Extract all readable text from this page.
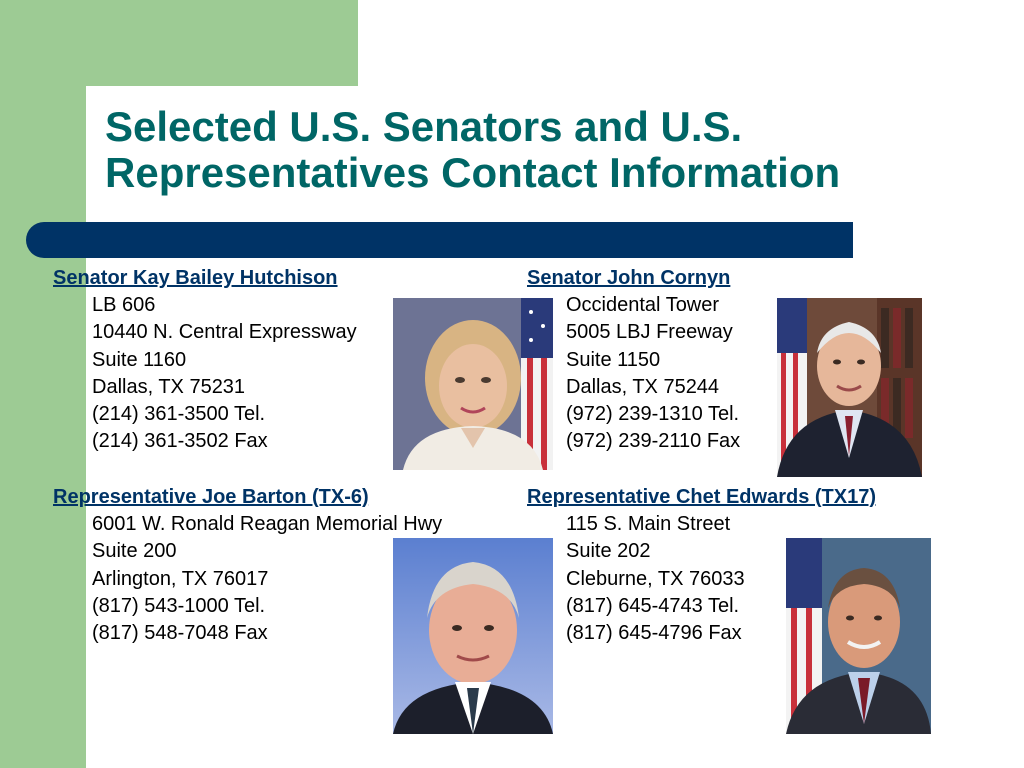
Selected U.S. Senators and U.S.
Representatives Contact Information
Senator Kay Bailey Hutchison
LB 606
10440 N. Central Expressway
Suite 1160
Dallas, TX 75231
(214) 361-3500 Tel.
(214) 361-3502 Fax
Senator John Cornyn
Occidental Tower
5005 LBJ Freeway
Suite 1150
Dallas, TX 75244
(972) 239-1310 Tel.
(972) 239-2110 Fax
Representative Joe Barton (TX-6)
6001 W. Ronald Reagan Memorial Hwy
Suite 200
Arlington, TX 76017
(817) 543-1000 Tel.
(817) 548-7048 Fax
Representative Chet Edwards (TX17)
115 S. Main Street
Suite 202
Cleburne, TX 76033
(817) 645-4743 Tel.
(817) 645-4796 Fax
